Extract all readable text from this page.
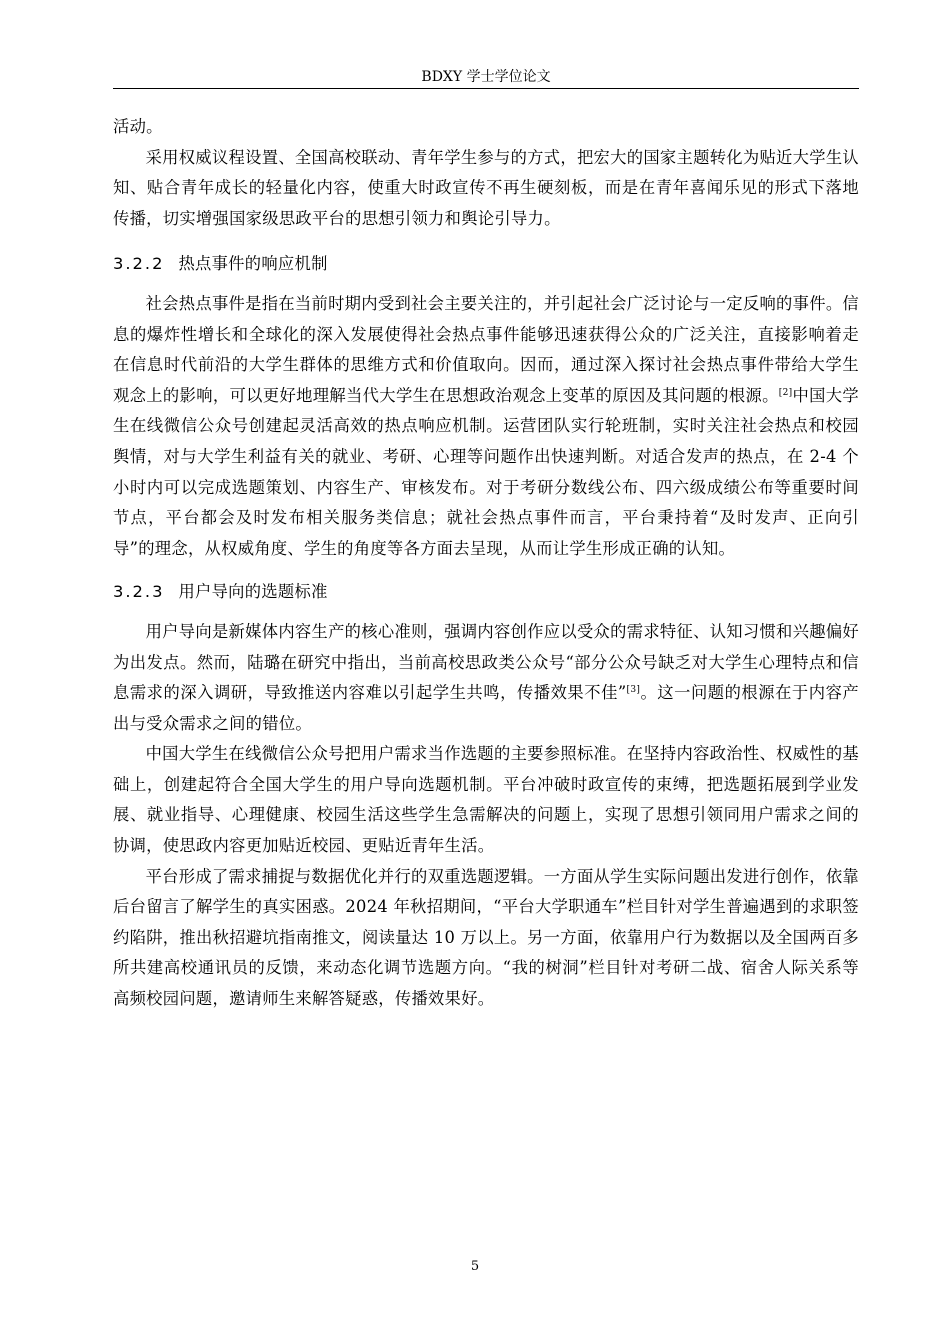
BDXY 学士学位论文

活动。

采用权威议程设置、全国高校联动、青年学生参与的方式，把宏大的国家主题转化为贴近大学生认知、贴合青年成长的轻量化内容，使重大时政宣传不再生硬刻板，而是在青年喜闻乐见的形式下落地传播，切实增强国家级思政平台的思想引领力和舆论引导力。

3.2.2 热点事件的响应机制

社会热点事件是指在当前时期内受到社会主要关注的，并引起社会广泛讨论与一定反响的事件。信息的爆炸性增长和全球化的深入发展使得社会热点事件能够迅速获得公众的广泛关注，直接影响着走在信息时代前沿的大学生群体的思维方式和价值取向。因而，通过深入探讨社会热点事件带给大学生观念上的影响，可以更好地理解当代大学生在思想政治观念上变革的原因及其问题的根源。[2]中国大学生在线微信公众号创建起灵活高效的热点响应机制。运营团队实行轮班制，实时关注社会热点和校园舆情，对与大学生利益有关的就业、考研、心理等问题作出快速判断。对适合发声的热点，在 2-4 个小时内可以完成选题策划、内容生产、审核发布。对于考研分数线公布、四六级成绩公布等重要时间节点，平台都会及时发布相关服务类信息；就社会热点事件而言，平台秉持着“及时发声、正向引导”的理念，从权威角度、学生的角度等各方面去呈现，从而让学生形成正确的认知。

3.2.3 用户导向的选题标准

用户导向是新媒体内容生产的核心准则，强调内容创作应以受众的需求特征、认知习惯和兴趣偏好为出发点。然而，陆璐在研究中指出，当前高校思政类公众号“部分公众号缺乏对大学生心理特点和信息需求的深入调研，导致推送内容难以引起学生共鸣，传播效果不佳”[3]。这一问题的根源在于内容产出与受众需求之间的错位。

中国大学生在线微信公众号把用户需求当作选题的主要参照标准。在坚持内容政治性、权威性的基础上，创建起符合全国大学生的用户导向选题机制。平台冲破时政宣传的束缚，把选题拓展到学业发展、就业指导、心理健康、校园生活这些学生急需解决的问题上，实现了思想引领同用户需求之间的协调，使思政内容更加贴近校园、更贴近青年生活。

平台形成了需求捕捉与数据优化并行的双重选题逻辑。一方面从学生实际问题出发进行创作，依靠后台留言了解学生的真实困惑。2024 年秋招期间，“平台大学职通车”栏目针对学生普遍遇到的求职签约陷阱，推出秋招避坑指南推文，阅读量达 10 万以上。另一方面，依靠用户行为数据以及全国两百多所共建高校通讯员的反馈，来动态化调节选题方向。“我的树洞”栏目针对考研二战、宿舍人际关系等高频校园问题，邀请师生来解答疑惑，传播效果好。

5
